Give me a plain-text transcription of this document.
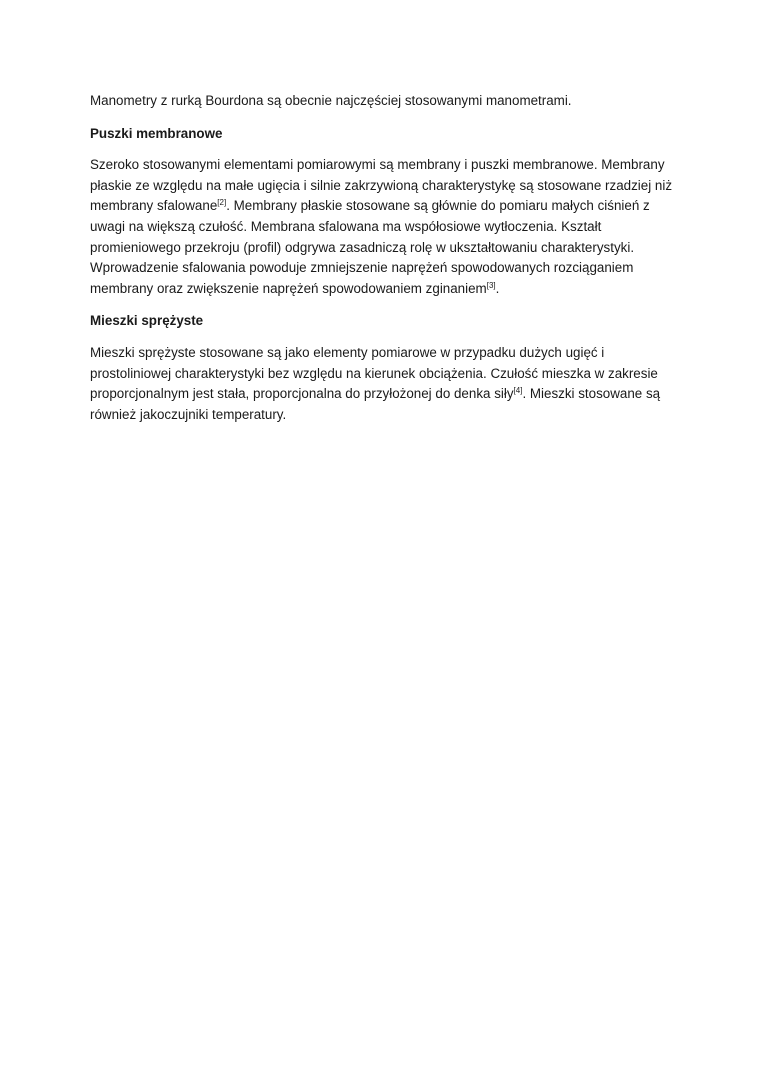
Manometry z rurką Bourdona są obecnie najczęściej stosowanymi manometrami.

Puszki membranowe

Szeroko stosowanymi elementami pomiarowymi są membrany i puszki membranowe. Membrany płaskie ze względu na małe ugięcia i silnie zakrzywioną charakterystykę są stosowane rzadziej niż membrany sfalowane[2]. Membrany płaskie stosowane są głównie do pomiaru małych ciśnień z uwagi na większą czułość. Membrana sfalowana ma współosiowe wytłoczenia. Kształt promieniowego przekroju (profil) odgrywa zasadniczą rolę w ukształtowaniu charakterystyki. Wprowadzenie sfalowania powoduje zmniejszenie naprężeń spowodowanych rozciąganiem membrany oraz zwiększenie naprężeń spowodowaniem zginaniem[3].

Mieszki sprężyste

Mieszki sprężyste stosowane są jako elementy pomiarowe w przypadku dużych ugięć i prostoliniowej charakterystyki bez względu na kierunek obciążenia. Czułość mieszka w zakresie proporcjonalnym jest stała, proporcjonalna do przyłożonej do denka siły[4]. Mieszki stosowane są również jakoczujniki temperatury.
